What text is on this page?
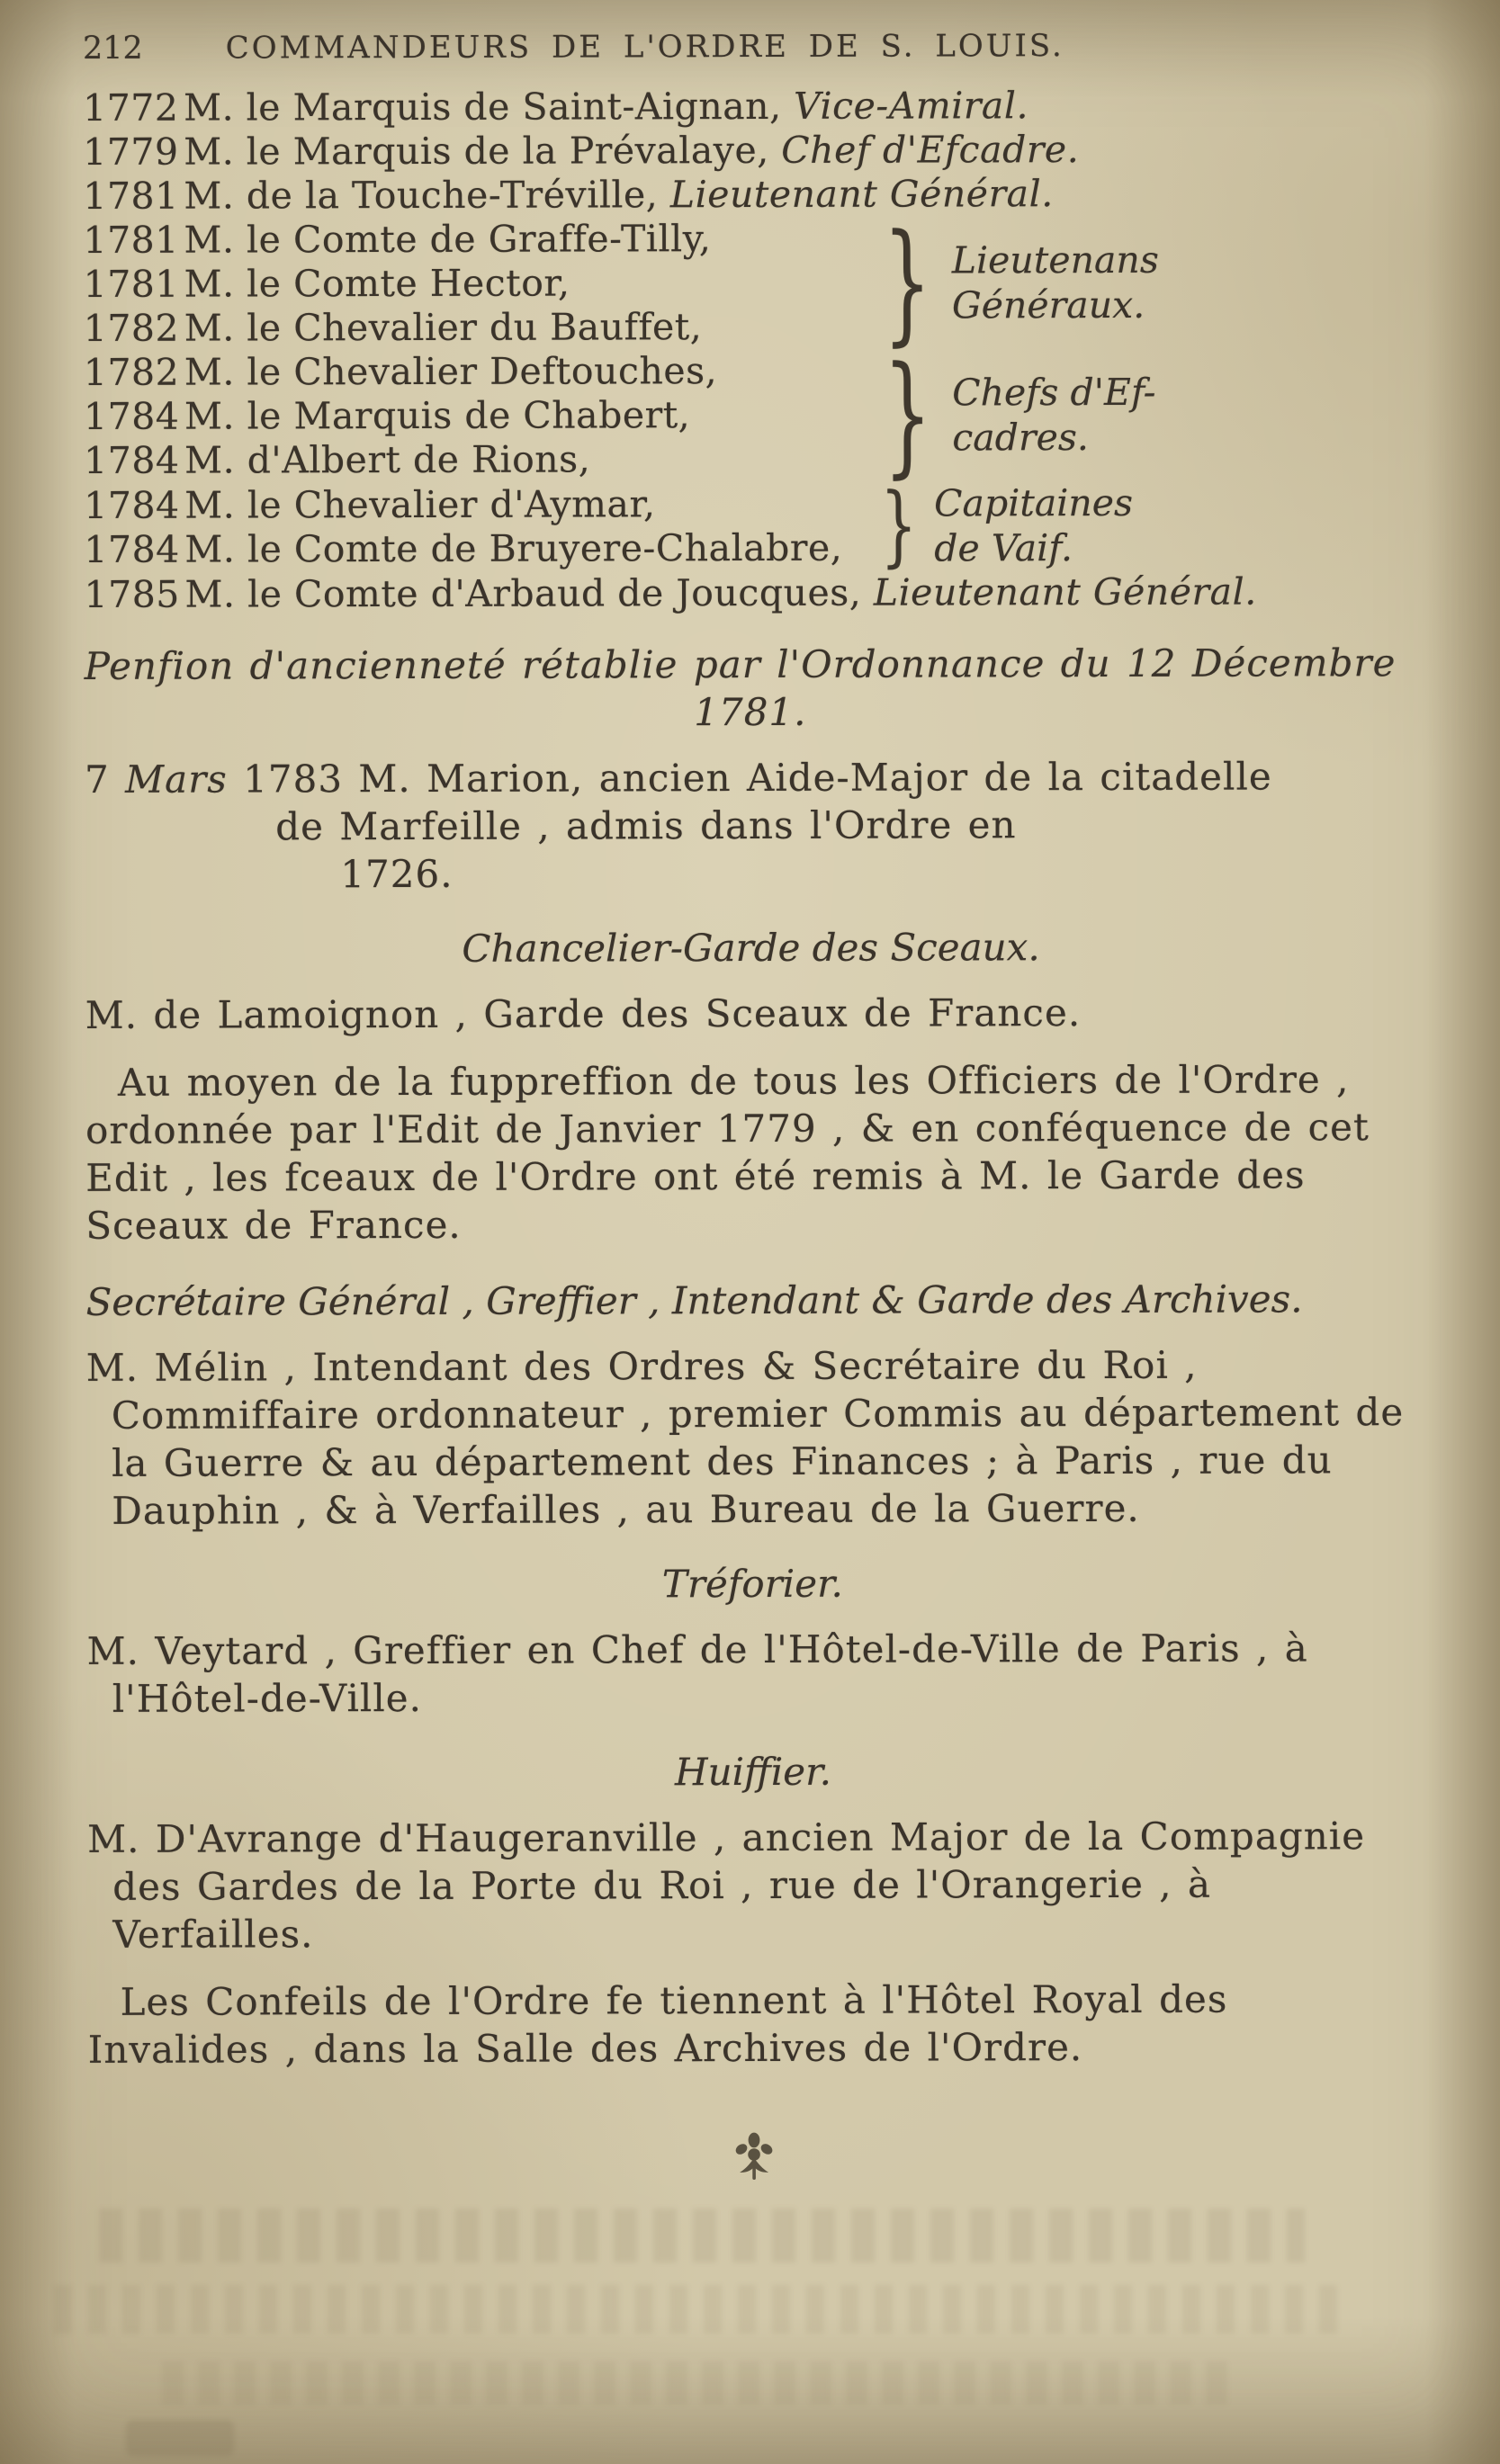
212	COMMANDEURS DE L'ORDRE DE S. LOUIS.
1772 M. le Marquis de Saint-Aignan, Vice-Amiral.
1779 M. le Marquis de la Prévalaye, Chef d'Efcadre.
1781 M. de la Touche-Tréville, Lieutenant Général.
1781 M. le Comte de Graffe-Tilly,
1781 M. le Comte Hector,
1782 M. le Chevalier du Bauffet,	} Lieutenans
Généraux.
1782 M. le Chevalier Deftouches,
1784 M. le Marquis de Chabert,
1784 M. d'Albert de Rions,	} Chefs d'Ef-
cadres.
1784 M. le Chevalier d'Aymar,
1784 M. le Comte de Bruyere-Chalabre, } Capitaines
de Vaif.
1785 M. le Comte d'Arbaud de Joucques, Lieutenant Général.
Penfion d'ancienneté rétablie par l'Ordonnance du 12 Décembre
1781.
7 Mars 1783 M. Marion, ancien Aide-Major de la citadelle
de Marfeille , admis dans l'Ordre en
1726.
Chancelier-Garde des Sceaux.
M. de Lamoignon , Garde des Sceaux de France.
Au moyen de la fuppreffion de tous les Officiers de l'Ordre , ordonnée par l'Edit de Janvier 1779 , & en conféquence de cet Edit , les fceaux de l'Ordre ont été remis à M. le Garde des Sceaux de France.
Secrétaire Général , Greffier , Intendant & Garde des Archives.
M. Mélin , Intendant des Ordres & Secrétaire du Roi , Commiffaire ordonnateur , premier Commis au département de la Guerre & au département des Finances ; à Paris , rue du Dauphin , & à Verfailles , au Bureau de la Guerre.
Tréforier.
M. Veytard , Greffier en Chef de l'Hôtel-de-Ville de Paris , à l'Hôtel-de-Ville.
Huiffier.
M. D'Avrange d'Haugeranville , ancien Major de la Compagnie des Gardes de la Porte du Roi , rue de l'Orangerie , à Verfailles.
Les Confeils de l'Ordre fe tiennent à l'Hôtel Royal des Invalides , dans la Salle des Archives de l'Ordre.
